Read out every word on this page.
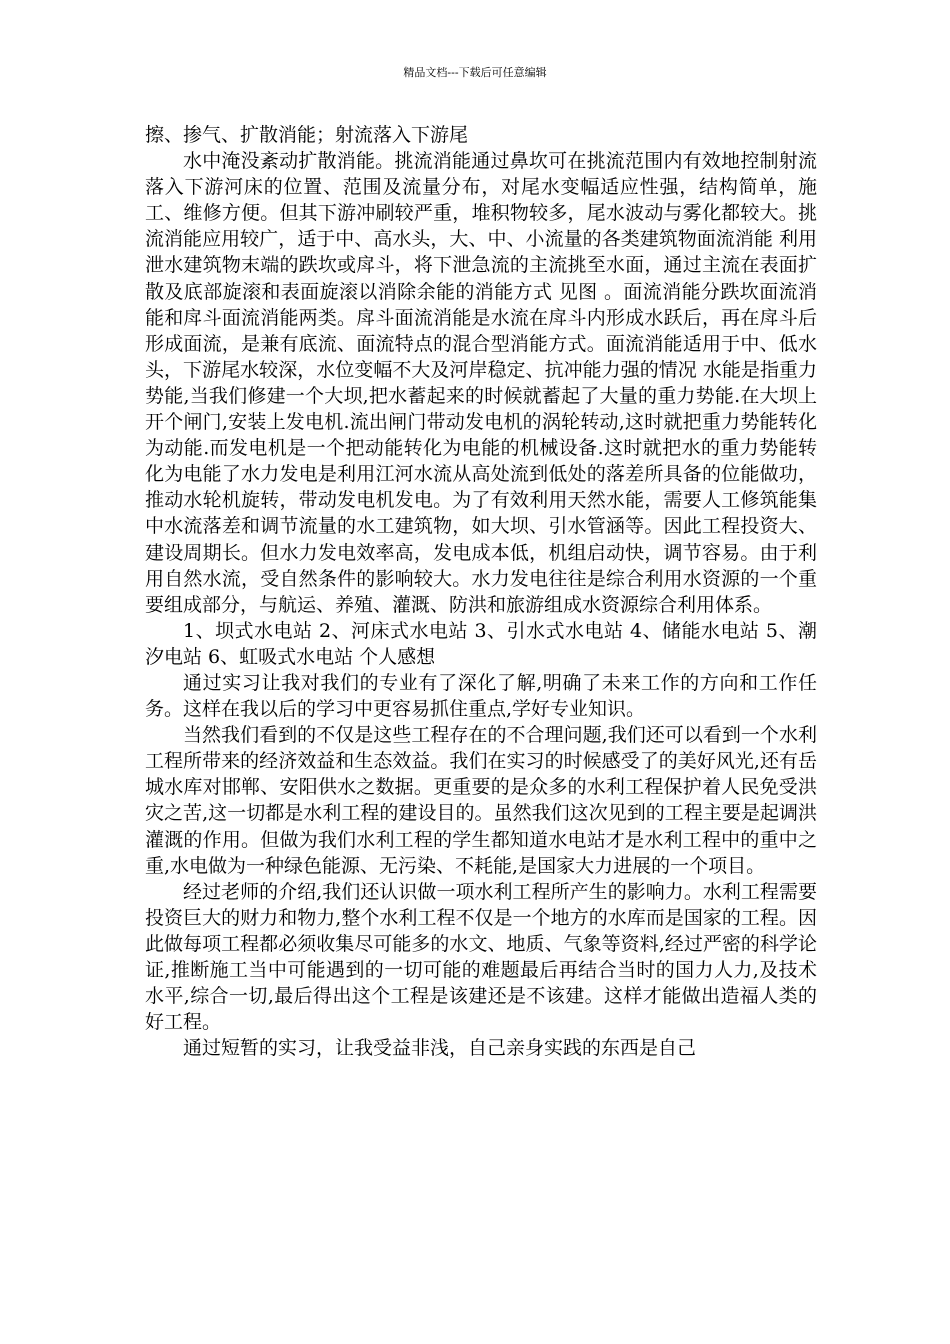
精品文档---下载后可任意编辑

擦、掺气、扩散消能；射流落入下游尾

水中淹没紊动扩散消能。挑流消能通过鼻坎可在挑流范围内有效地控制射流落入下游河床的位置、范围及流量分布，对尾水变幅适应性强，结构简单，施工、维修方便。但其下游冲刷较严重，堆积物较多，尾水波动与雾化都较大。挑流消能应用较广，适于中、高水头，大、中、小流量的各类建筑物面流消能 利用泄水建筑物末端的跌坎或戽斗，将下泄急流的主流挑至水面，通过主流在表面扩散及底部旋滚和表面旋滚以消除余能的消能方式 见图 。面流消能分跌坎面流消能和戽斗面流消能两类。戽斗面流消能是水流在戽斗内形成水跃后，再在戽斗后形成面流，是兼有底流、面流特点的混合型消能方式。面流消能适用于中、低水头，下游尾水较深，水位变幅不大及河岸稳定、抗冲能力强的情况 水能是指重力势能,当我们修建一个大坝,把水蓄起来的时候就蓄起了大量的重力势能.在大坝上开个闸门,安装上发电机.流出闸门带动发电机的涡轮转动,这时就把重力势能转化为动能.而发电机是一个把动能转化为电能的机械设备.这时就把水的重力势能转化为电能了水力发电是利用江河水流从高处流到低处的落差所具备的位能做功，推动水轮机旋转，带动发电机发电。为了有效利用天然水能，需要人工修筑能集中水流落差和调节流量的水工建筑物，如大坝、引水管涵等。因此工程投资大、建设周期长。但水力发电效率高，发电成本低，机组启动快，调节容易。由于利用自然水流，受自然条件的影响较大。水力发电往往是综合利用水资源的一个重要组成部分，与航运、养殖、灌溉、防洪和旅游组成水资源综合利用体系。

1、坝式水电站 2、河床式水电站 3、引水式水电站 4、储能水电站 5、潮汐电站 6、虹吸式水电站 个人感想

通过实习让我对我们的专业有了深化了解,明确了未来工作的方向和工作任务。这样在我以后的学习中更容易抓住重点,学好专业知识。

当然我们看到的不仅是这些工程存在的不合理问题,我们还可以看到一个水利工程所带来的经济效益和生态效益。我们在实习的时候感受了的美好风光,还有岳城水库对邯郸、安阳供水之数据。更重要的是众多的水利工程保护着人民免受洪灾之苦,这一切都是水利工程的建设目的。虽然我们这次见到的工程主要是起调洪灌溉的作用。但做为我们水利工程的学生都知道水电站才是水利工程中的重中之重,水电做为一种绿色能源、无污染、不耗能,是国家大力进展的一个项目。

经过老师的介绍,我们还认识做一项水利工程所产生的影响力。水利工程需要投资巨大的财力和物力,整个水利工程不仅是一个地方的水库而是国家的工程。因此做每项工程都必须收集尽可能多的水文、地质、气象等资料,经过严密的科学论证,推断施工当中可能遇到的一切可能的难题最后再结合当时的国力人力,及技术水平,综合一切,最后得出这个工程是该建还是不该建。这样才能做出造福人类的好工程。

通过短暂的实习，让我受益非浅，自己亲身实践的东西是自己
